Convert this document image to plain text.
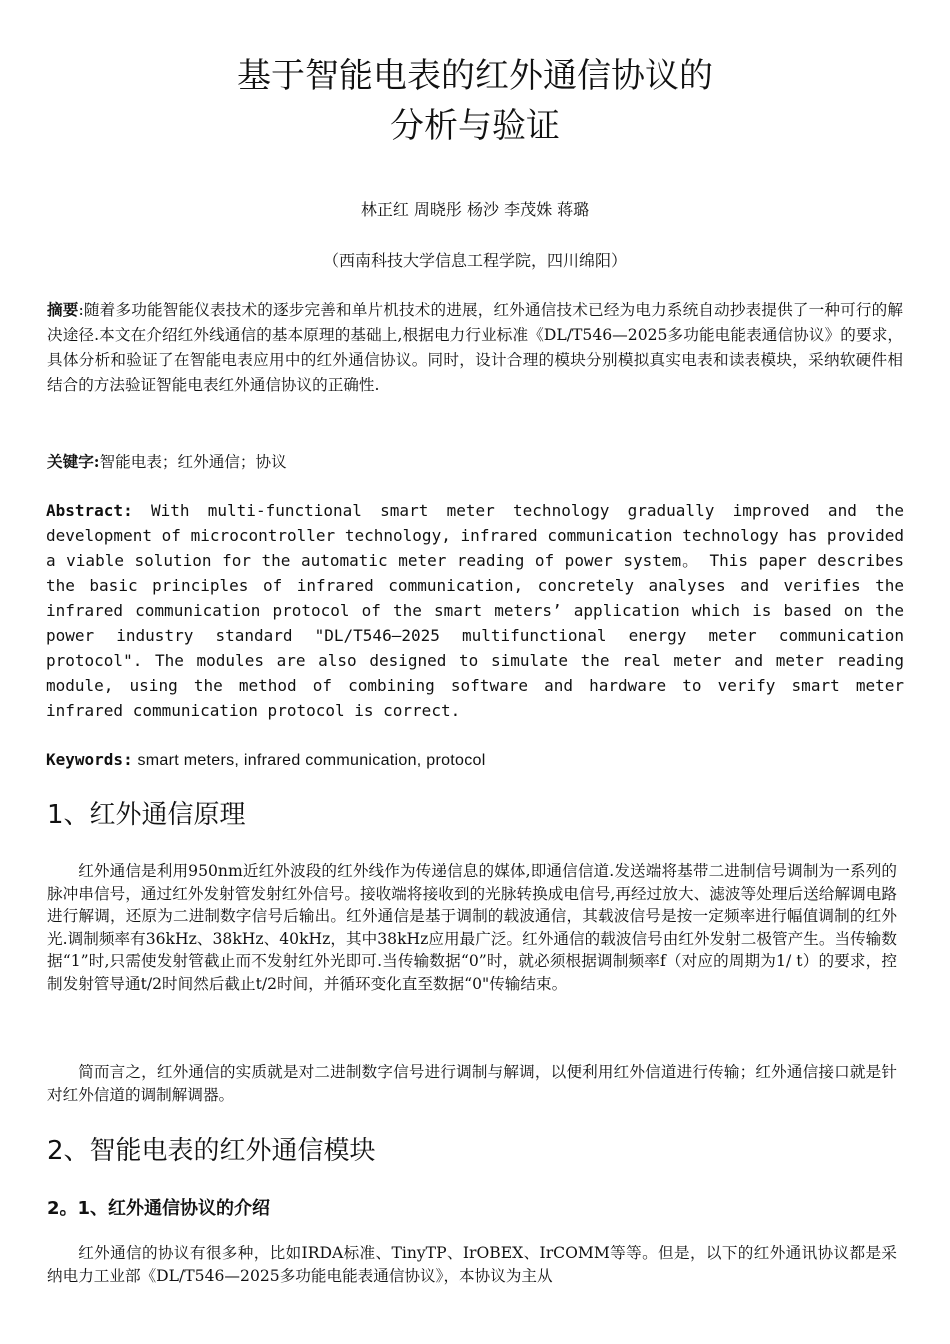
基于智能电表的红外通信协议的
分析与验证
林正红 周晓彤 杨沙 李茂姝 蒋璐
（西南科技大学信息工程学院，四川绵阳）
摘要:随着多功能智能仪表技术的逐步完善和单片机技术的进展，红外通信技术已经为电力系统自动抄表提供了一种可行的解决途径.本文在介绍红外线通信的基本原理的基础上,根据电力行业标准《DL/T546—2025多功能电能表通信协议》的要求，具体分析和验证了在智能电表应用中的红外通信协议。同时，设计合理的模块分别模拟真实电表和读表模块，采纳软硬件相结合的方法验证智能电表红外通信协议的正确性.
关键字:智能电表；红外通信；协议
Abstract: With multi-functional smart meter technology gradually improved and the development of microcontroller technology, infrared communication technology has provided a viable solution for the automatic meter reading of power system。 This paper describes the basic principles of infrared communication, concretely analyses and verifies the infrared communication protocol of the smart meters’ application which is based on the power industry standard "DL/T546—2025 multifunctional energy meter communication protocol". The modules are also designed to simulate the real meter and meter reading module, using the method of combining software and hardware to verify smart meter infrared communication protocol is correct.
Keywords: smart meters, infrared communication, protocol
1、红外通信原理

红外通信是利用950nm近红外波段的红外线作为传递信息的媒体,即通信信道.发送端将基带二进制信号调制为一系列的脉冲串信号，通过红外发射管发射红外信号。接收端将接收到的光脉转换成电信号,再经过放大、滤波等处理后送给解调电路进行解调，还原为二进制数字信号后输出。红外通信是基于调制的载波通信，其载波信号是按一定频率进行幅值调制的红外光.调制频率有36kHz、38kHz、40kHz，其中38kHz应用最广泛。红外通信的载波信号由红外发射二极管产生。当传输数据“1”时,只需使发射管截止而不发射红外光即可.当传输数据“0”时，就必须根据调制频率f（对应的周期为1/ t）的要求，控制发射管导通t/2时间然后截止t/2时间，并循环变化直至数据“0"传输结束。

简而言之，红外通信的实质就是对二进制数字信号进行调制与解调，以便利用红外信道进行传输；红外通信接口就是针对红外信道的调制解调器。

2、智能电表的红外通信模块
2。1、红外通信协议的介绍

红外通信的协议有很多种，比如IRDA标准、TinyTP、IrOBEX、IrCOMM等等。但是，以下的红外通讯协议都是采纳电力工业部《DL/T546—2025多功能电能表通信协议》，本协议为主从
